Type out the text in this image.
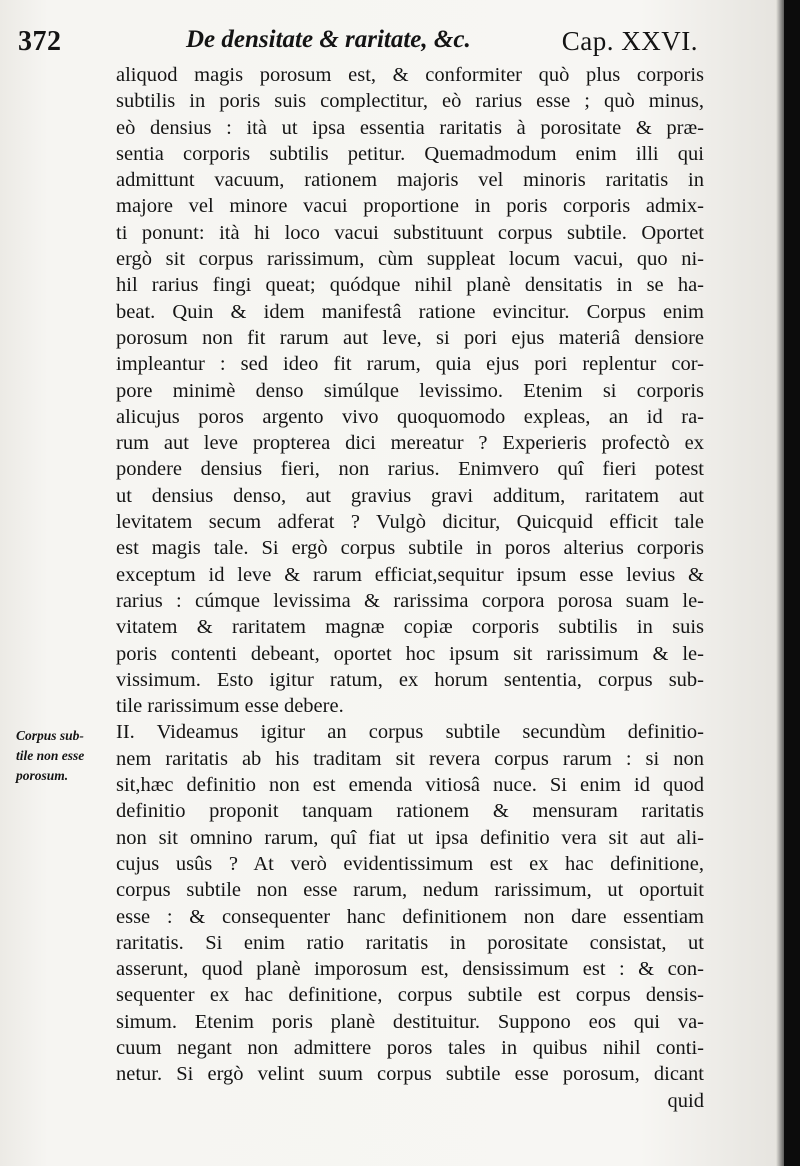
372	De densitate & raritate, &c.	Cap. XXVI.
Corpus sub-
tile non esse
porosum.
aliquod magis porosum est, & conformiter quò plus corporis
subtilis in poris suis complectitur, eò rarius esse ; quò minus,
eò densius : ità ut ipsa essentia raritatis à porositate & præ-
sentia corporis subtilis petitur. Quemadmodum enim illi qui
admittunt vacuum, rationem majoris vel minoris raritatis in
majore vel minore vacui proportione in poris corporis admix-
ti ponunt: ità hi loco vacui substituunt corpus subtile. Oportet
ergò sit corpus rarissimum, cùm suppleat locum vacui, quo ni-
hil rarius fingi queat; quódque nihil planè densitatis in se ha-
beat. Quin & idem manifestâ ratione evincitur. Corpus enim
porosum non fit rarum aut leve, si pori ejus materiâ densiore
impleantur : sed ideo fit rarum, quia ejus pori replentur cor-
pore minimè denso simúlque levissimo. Etenim si corporis
alicujus poros argento vivo quoquomodo expleas, an id ra-
rum aut leve propterea dici mereatur ? Experieris profectò ex
pondere densius fieri, non rarius. Enimvero quî fieri potest
ut densius denso, aut gravius gravi additum, raritatem aut
levitatem secum adferat ? Vulgò dicitur, Quicquid efficit tale
est magis tale. Si ergò corpus subtile in poros alterius corporis
exceptum id leve & rarum efficiat,sequitur ipsum esse levius &
rarius : cúmque levissima & rarissima corpora porosa suam le-
vitatem & raritatem magnæ copiæ corporis subtilis in suis
poris contenti debeant, oportet hoc ipsum sit rarissimum & le-
vissimum. Esto igitur ratum, ex horum sententia, corpus sub-
tile rarissimum esse debere.
II. Videamus igitur an corpus subtile secundùm definitio-
nem raritatis ab his traditam sit revera corpus rarum : si non
sit,hæc definitio non est emenda vitiosâ nuce. Si enim id quod
definitio proponit tanquam rationem & mensuram raritatis
non sit omnino rarum, quî fiat ut ipsa definitio vera sit aut ali-
cujus usûs ? At verò evidentissimum est ex hac definitione,
corpus subtile non esse rarum, nedum rarissimum, ut oportuit
esse : & consequenter hanc definitionem non dare essentiam
raritatis. Si enim ratio raritatis in porositate consistat, ut
asserunt, quod planè imporosum est, densissimum est : & con-
sequenter ex hac definitione, corpus subtile est corpus densis-
simum. Etenim poris planè destituitur. Suppono eos qui va-
cuum negant non admittere poros tales in quibus nihil conti-
netur. Si ergò velint suum corpus subtile esse porosum, dicant
quid
